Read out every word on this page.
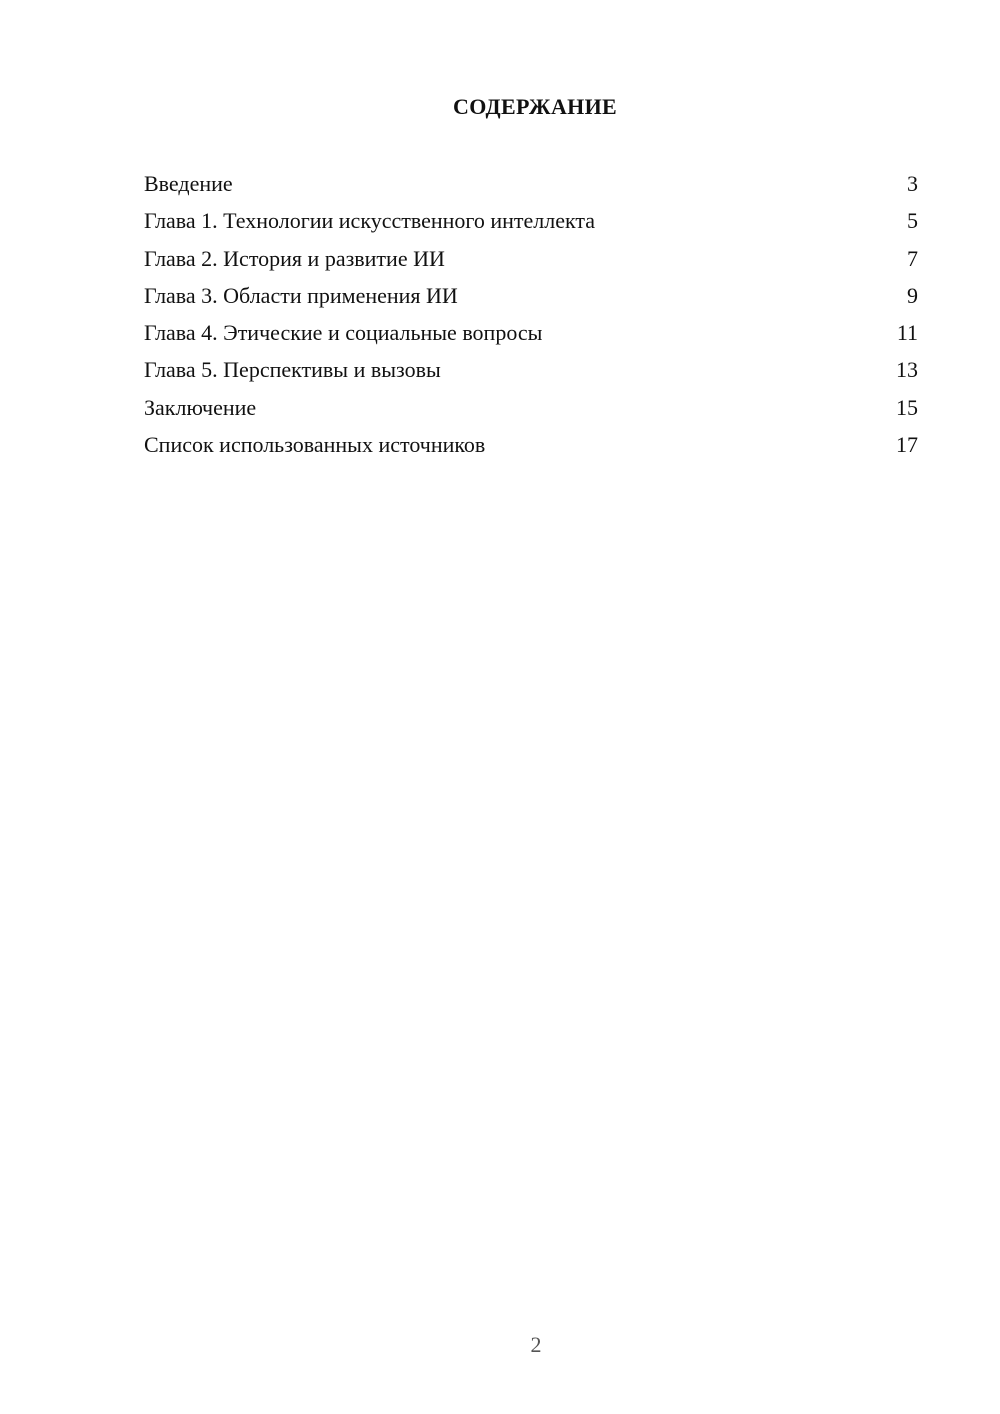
СОДЕРЖАНИЕ
Введение	3
Глава 1. Технологии искусственного интеллекта	5
Глава 2. История и развитие ИИ	7
Глава 3. Области применения ИИ	9
Глава 4. Этические и социальные вопросы	11
Глава 5. Перспективы и вызовы	13
Заключение	15
Список использованных источников	17
2
